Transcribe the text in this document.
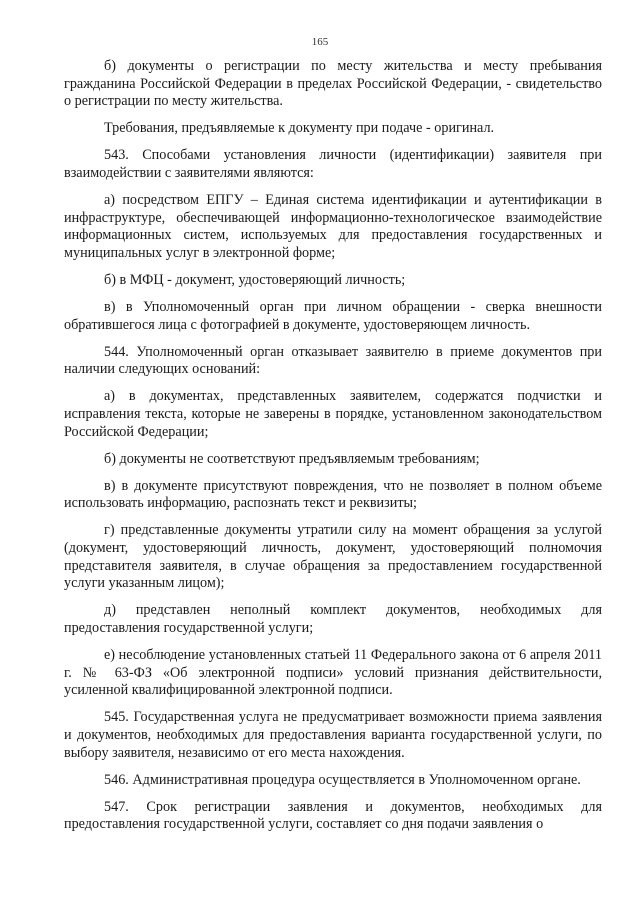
165

б) документы о регистрации по месту жительства и месту пребывания гражданина Российской Федерации в пределах Российской Федерации, - свидетельство о регистрации по месту жительства.

Требования, предъявляемые к документу при подаче - оригинал.

543. Способами установления личности (идентификации) заявителя при взаимодействии с заявителями являются:

а) посредством ЕПГУ – Единая система идентификации и аутентификации в инфраструктуре, обеспечивающей информационно-технологическое взаимодействие информационных систем, используемых для предоставления государственных и муниципальных услуг в электронной форме;

б) в МФЦ - документ, удостоверяющий личность;

в) в Уполномоченный орган при личном обращении - сверка внешности обратившегося лица с фотографией в документе, удостоверяющем личность.

544. Уполномоченный орган отказывает заявителю в приеме документов при наличии следующих оснований:

а) в документах, представленных заявителем, содержатся подчистки и исправления текста, которые не заверены в порядке, установленном законодательством Российской Федерации;

б) документы не соответствуют предъявляемым требованиям;

в) в документе присутствуют повреждения, что не позволяет в полном объеме использовать информацию, распознать текст и реквизиты;

г) представленные документы утратили силу на момент обращения за услугой (документ, удостоверяющий личность, документ, удостоверяющий полномочия представителя заявителя, в случае обращения за предоставлением государственной услуги указанным лицом);

д) представлен неполный комплект документов, необходимых для предоставления государственной услуги;

е) несоблюдение установленных статьей 11 Федерального закона от 6 апреля 2011 г. № 63-ФЗ «Об электронной подписи» условий признания действительности, усиленной квалифицированной электронной подписи.

545. Государственная услуга не предусматривает возможности приема заявления и документов, необходимых для предоставления варианта государственной услуги, по выбору заявителя, независимо от его места нахождения.

546. Административная процедура осуществляется в Уполномоченном органе.

547. Срок регистрации заявления и документов, необходимых для предоставления государственной услуги, составляет со дня подачи заявления о
